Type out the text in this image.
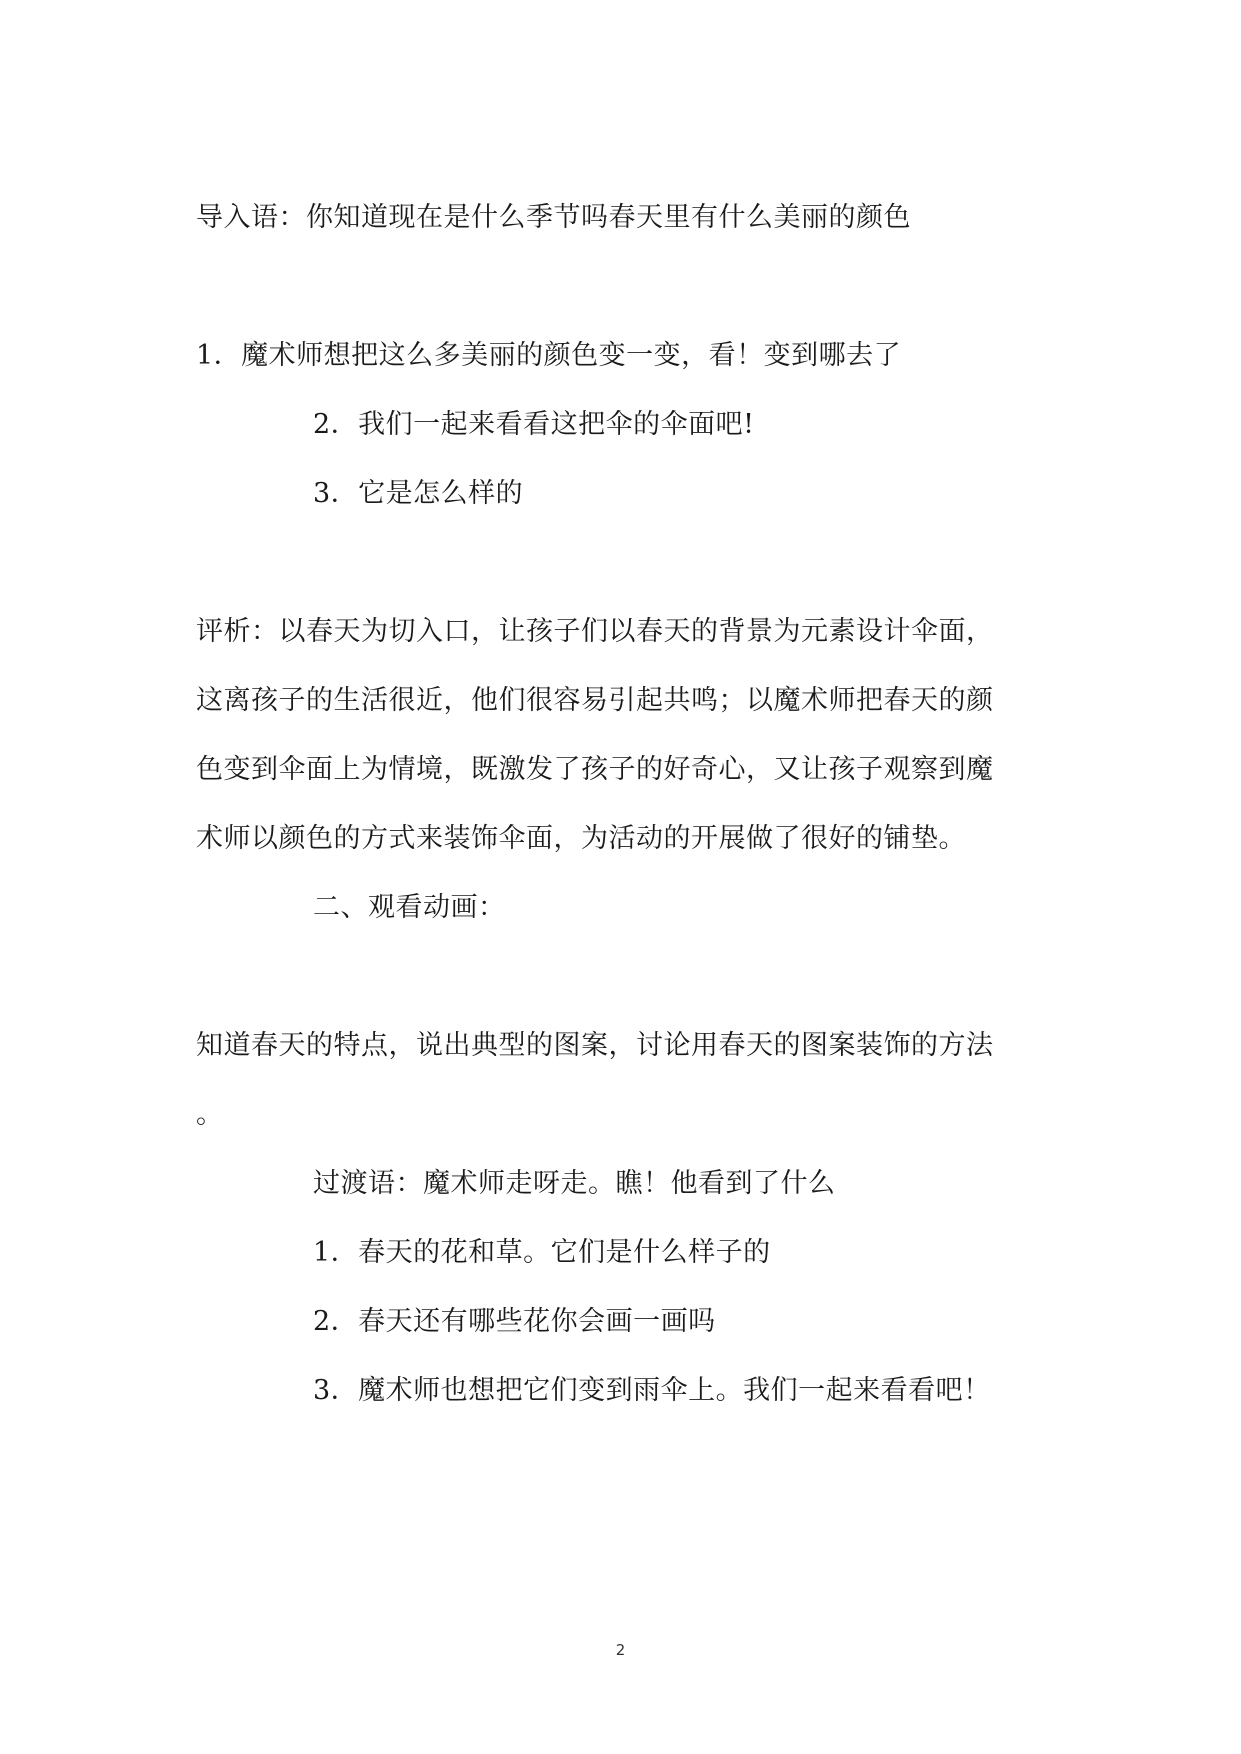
导入语：你知道现在是什么季节吗春天里有什么美丽的颜色
1．魔术师想把这么多美丽的颜色变一变，看！变到哪去了
2．我们一起来看看这把伞的伞面吧!
3．它是怎么样的
评析：以春天为切入口，让孩子们以春天的背景为元素设计伞面，
这离孩子的生活很近，他们很容易引起共鸣；以魔术师把春天的颜
色变到伞面上为情境，既激发了孩子的好奇心，又让孩子观察到魔
术师以颜色的方式来装饰伞面，为活动的开展做了很好的铺垫。
二、观看动画：
知道春天的特点，说出典型的图案，讨论用春天的图案装饰的方法
。
过渡语：魔术师走呀走。瞧！他看到了什么
1．春天的花和草。它们是什么样子的
2．春天还有哪些花你会画一画吗
3．魔术师也想把它们变到雨伞上。我们一起来看看吧！
2
